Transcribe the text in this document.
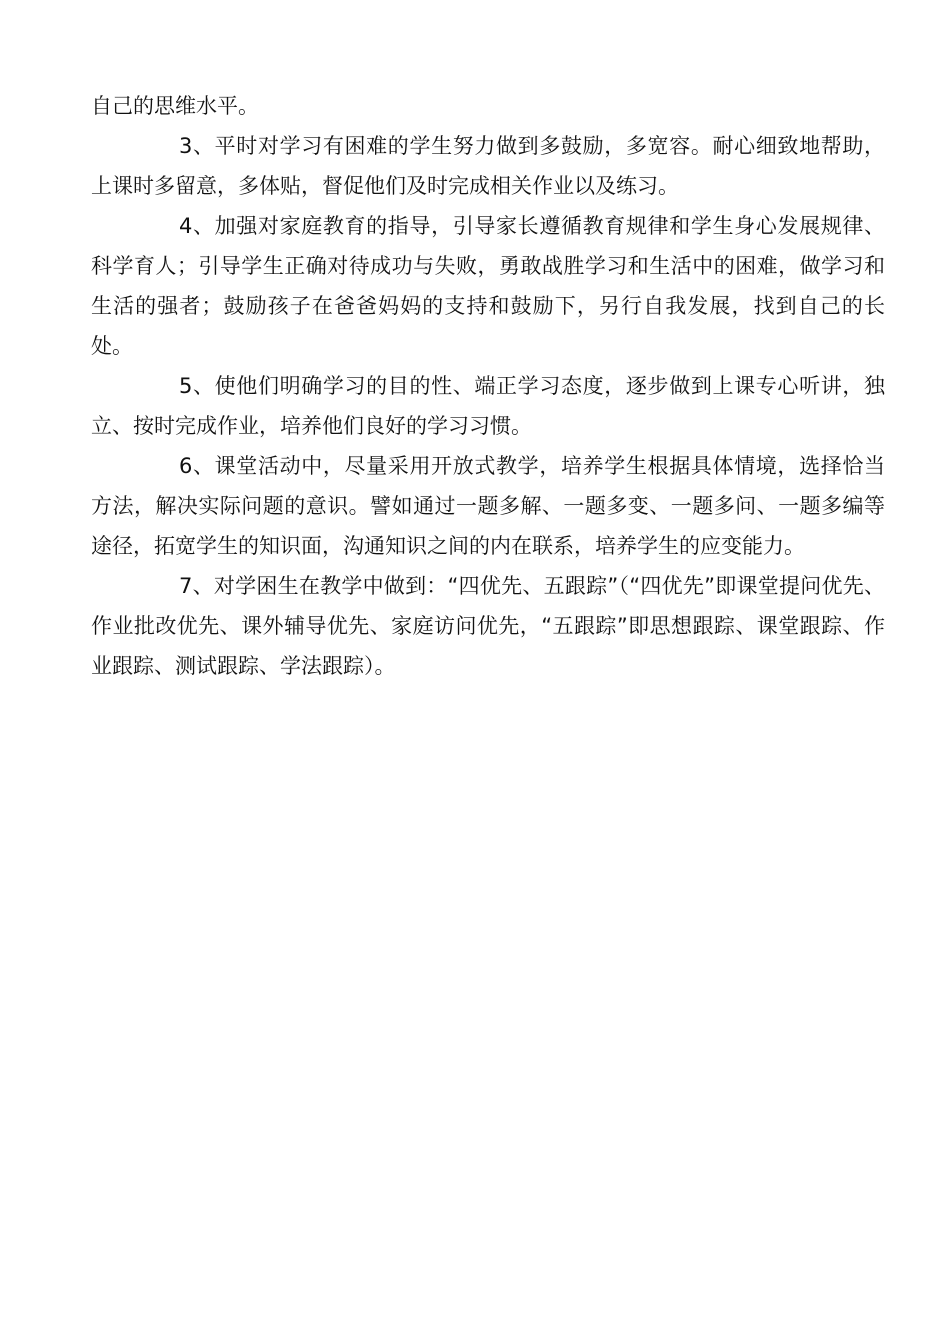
自己的思维水平。

3、平时对学习有困难的学生努力做到多鼓励，多宽容。耐心细致地帮助，上课时多留意，多体贴，督促他们及时完成相关作业以及练习。

4、加强对家庭教育的指导，引导家长遵循教育规律和学生身心发展规律、科学育人；引导学生正确对待成功与失败，勇敢战胜学习和生活中的困难，做学习和生活的强者；鼓励孩子在爸爸妈妈的支持和鼓励下，另行自我发展，找到自己的长处。

5、使他们明确学习的目的性、端正学习态度，逐步做到上课专心听讲，独立、按时完成作业，培养他们良好的学习习惯。

6、课堂活动中，尽量采用开放式教学，培养学生根据具体情境，选择恰当方法，解决实际问题的意识。譬如通过一题多解、一题多变、一题多问、一题多编等途径，拓宽学生的知识面，沟通知识之间的内在联系，培养学生的应变能力。

7、对学困生在教学中做到：“四优先、五跟踪”（“四优先”即课堂提问优先、作业批改优先、课外辅导优先、家庭访问优先，“五跟踪”即思想跟踪、课堂跟踪、作业跟踪、测试跟踪、学法跟踪）。
